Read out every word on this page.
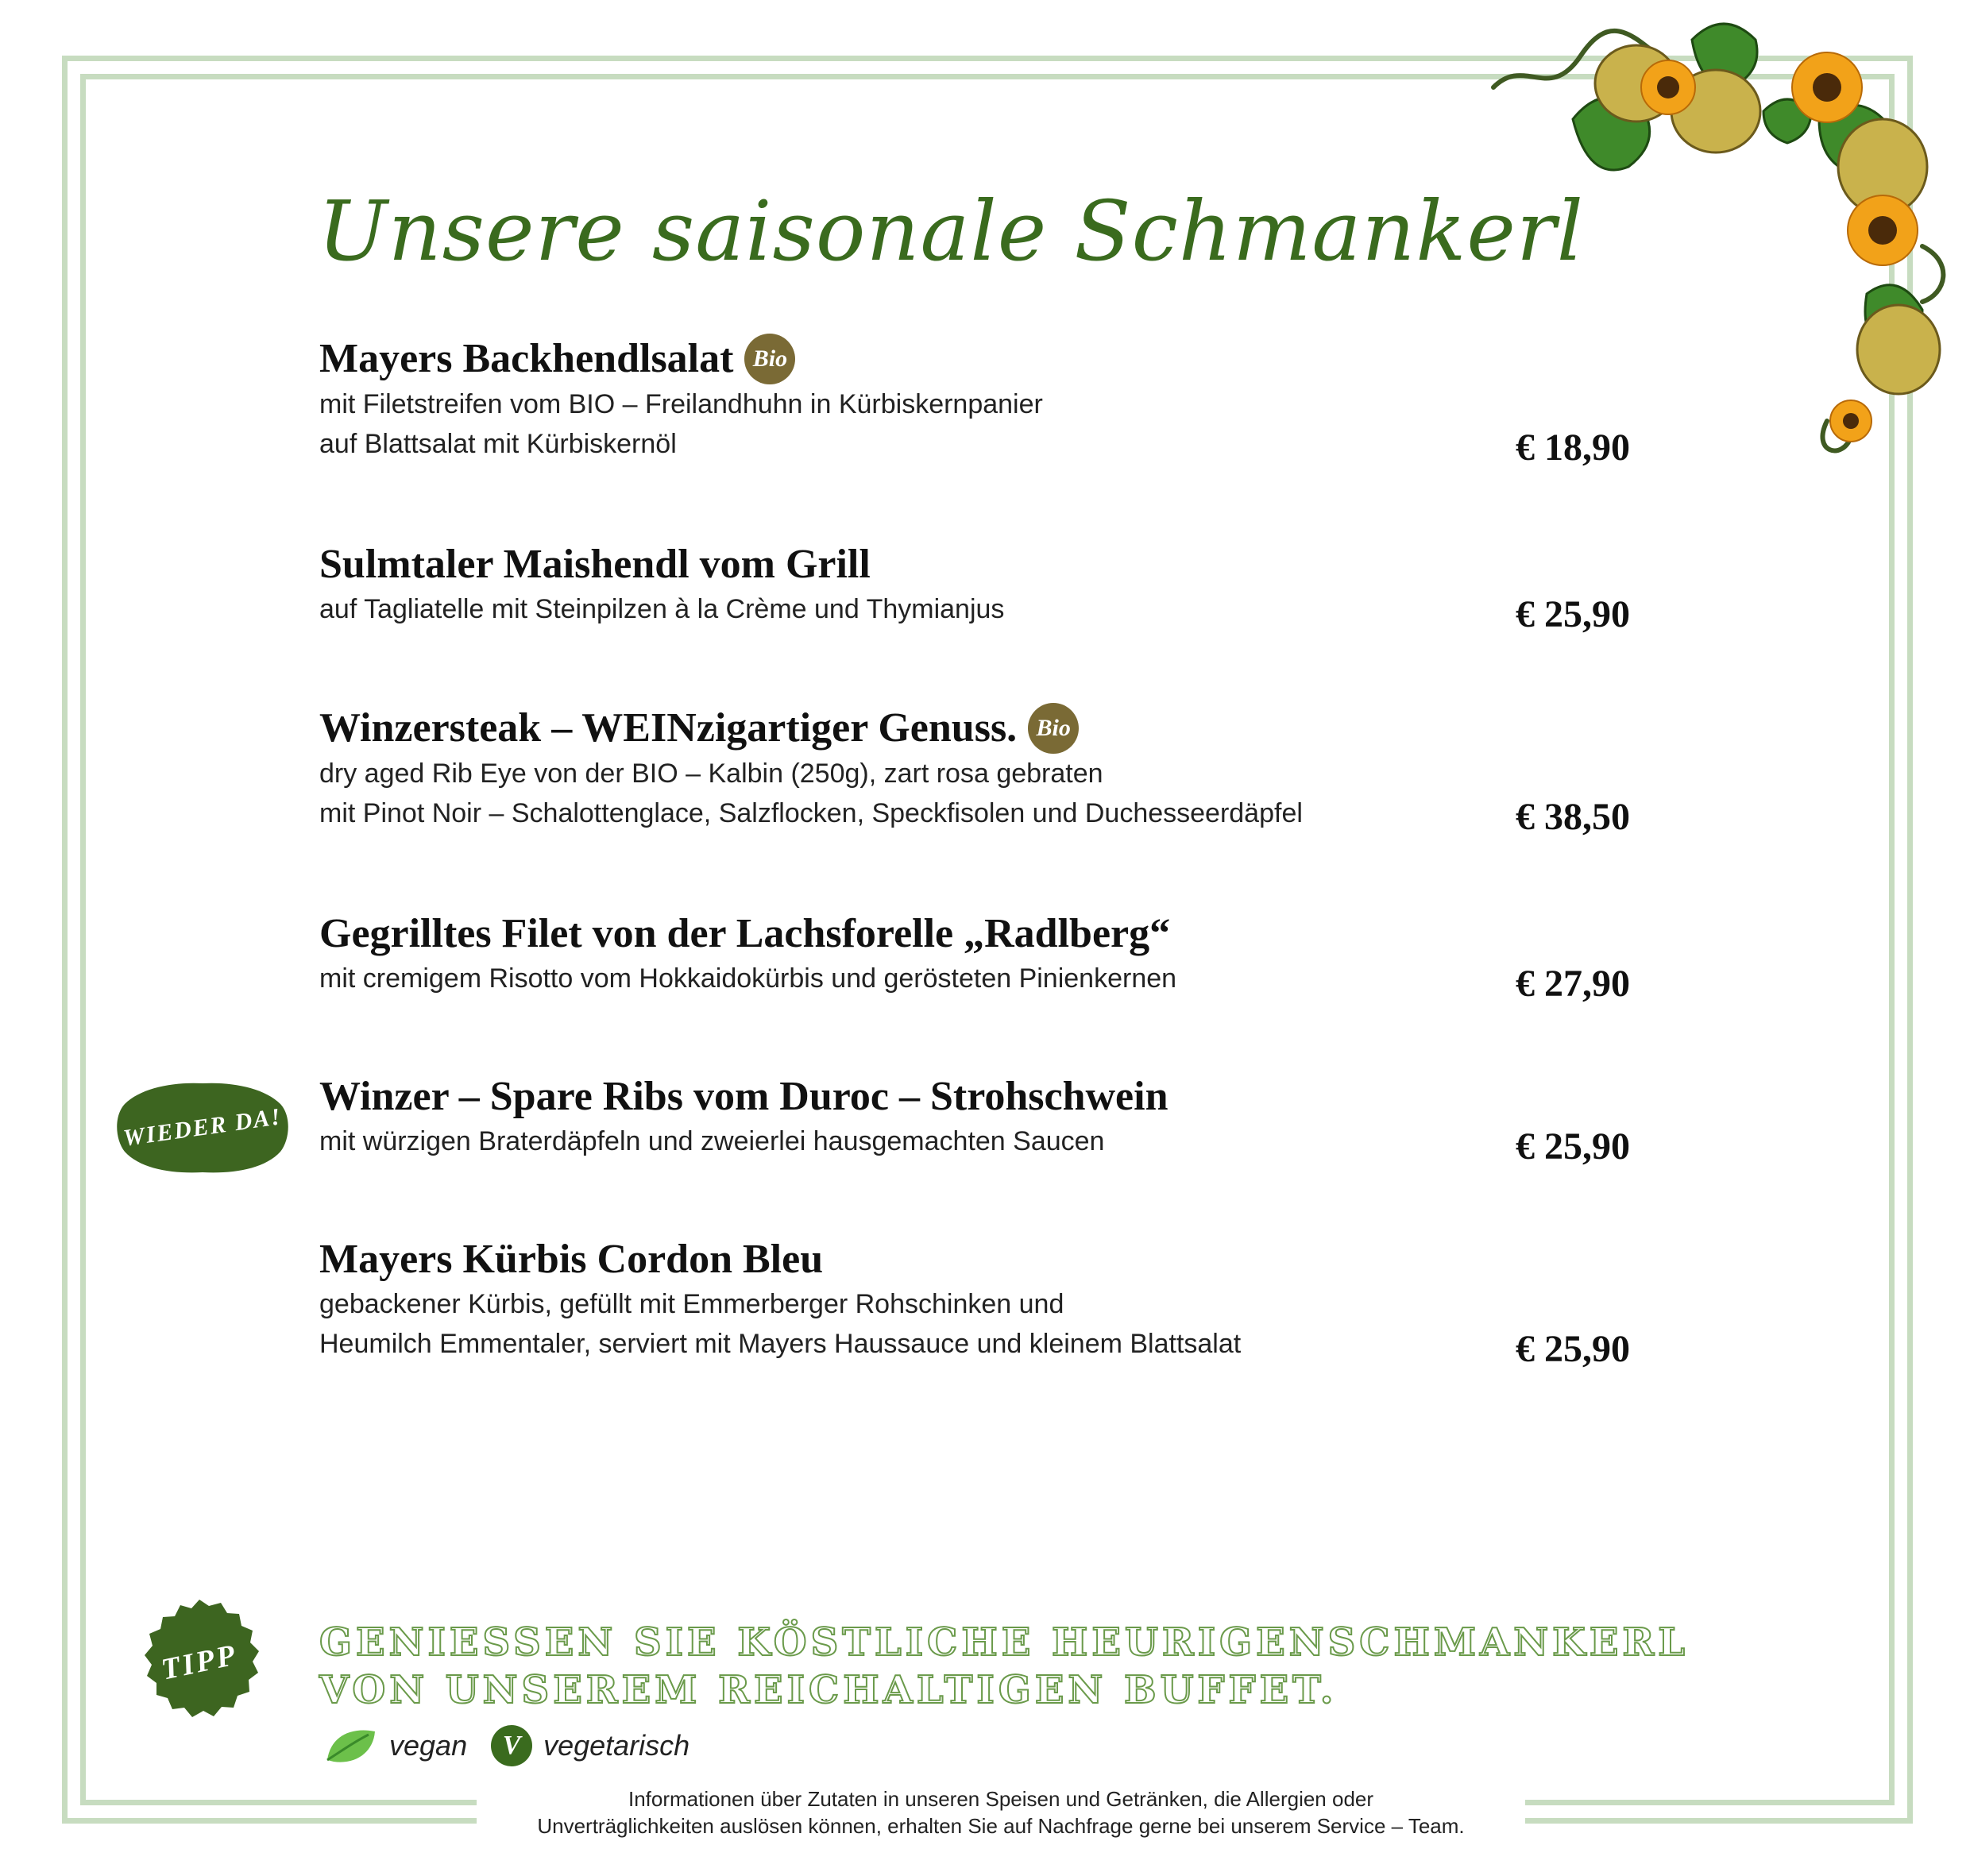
Unsere saisonale Schmankerl
Mayers Backhendlsalat Bio
mit Filetstreifen vom BIO – Freilandhuhn in Kürbiskernpanier
auf Blattsalat mit Kürbiskernöl	€ 18,90
Sulmtaler Maishendl vom Grill
auf Tagliatelle mit Steinpilzen à la Crème und Thymianjus	€ 25,90
Winzersteak – WEINzigartiger Genuss. Bio
dry aged Rib Eye von der BIO – Kalbin (250g), zart rosa gebraten
mit Pinot Noir – Schalottenglace, Salzflocken, Speckfisolen und Duchesseerdäpfel	€ 38,50
Gegrilltes Filet von der Lachsforelle „Radlberg“
mit cremigem Risotto vom Hokkaidokürbis und gerösteten Pinienkernen	€ 27,90
Winzer – Spare Ribs vom Duroc – Strohschwein
mit würzigen Braterdäpfeln und zweierlei hausgemachten Saucen	€ 25,90
Mayers Kürbis Cordon Bleu
gebackener Kürbis, gefüllt mit Emmerberger Rohschinken und
Heumilch Emmentaler, serviert mit Mayers Haussauce und kleinem Blattsalat	€ 25,90
WIEDER DA!
TIPP	GENIESSEN SIE KÖSTLICHE HEURIGENSCHMANKERL
VON UNSEREM REICHALTIGEN BUFFET.
vegan	V vegetarisch
Informationen über Zutaten in unseren Speisen und Getränken, die Allergien oder
Unverträglichkeiten auslösen können, erhalten Sie auf Nachfrage gerne bei unserem Service – Team.
